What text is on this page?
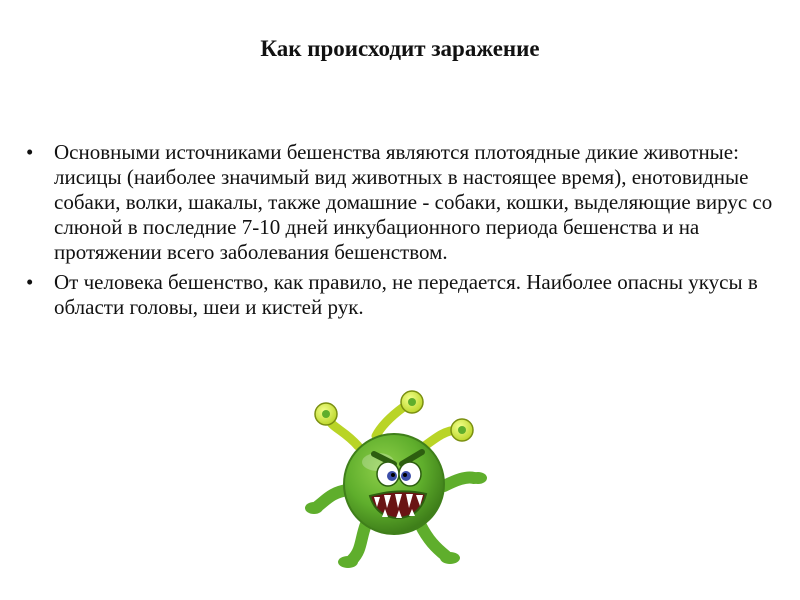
Как происходит заражение
• Основными источниками бешенства являются плотоядные дикие животные: лисицы (наиболее значимый вид животных в настоящее время), енотовидные собаки, волки, шакалы, также домашние - собаки, кошки, выделяющие вирус со слюной в последние 7-10 дней инкубационного периода бешенства и на протяжении всего заболевания бешенством.
• От человека бешенство, как правило, не передается. Наиболее опасны укусы в области головы, шеи и кистей рук.
